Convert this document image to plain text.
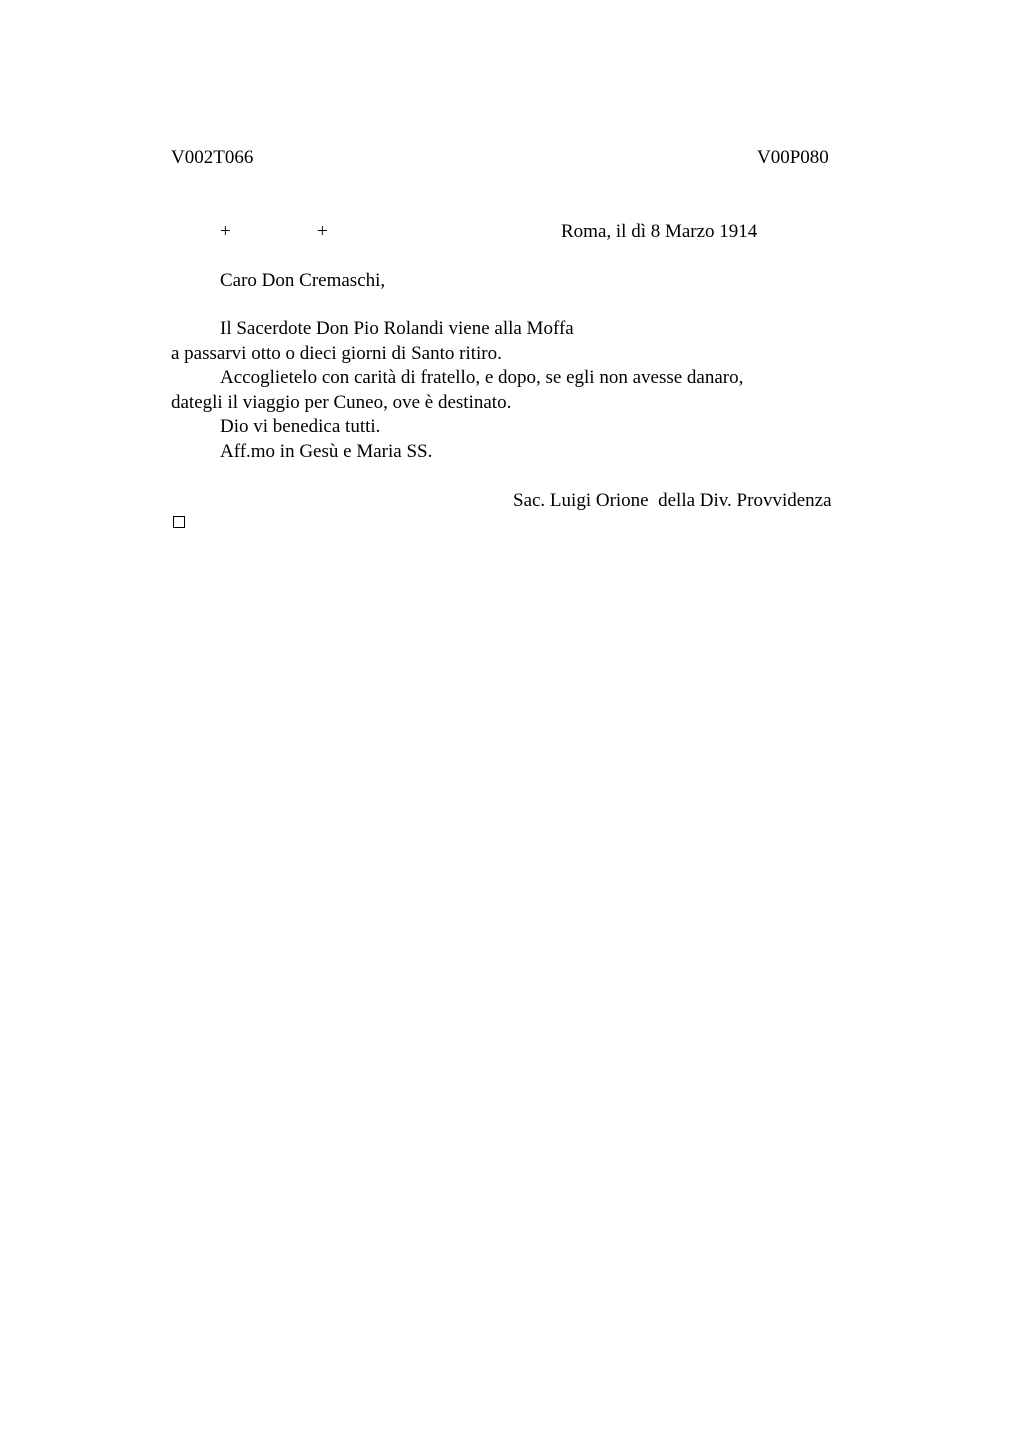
V002T066	V00P080

+	+	Roma, il dì 8 Marzo 1914

Caro Don Cremaschi,

Il Sacerdote Don Pio Rolandi viene alla Moffa

a passarvi otto o dieci giorni di Santo ritiro.

Accoglietelo con carità di fratello, e dopo, se egli non avesse danaro,

dategli il viaggio per Cuneo, ove è destinato.

Dio vi benedica tutti.

Aff.mo in Gesù e Maria SS.

Sac. Luigi Orione  della Div. Provvidenza
